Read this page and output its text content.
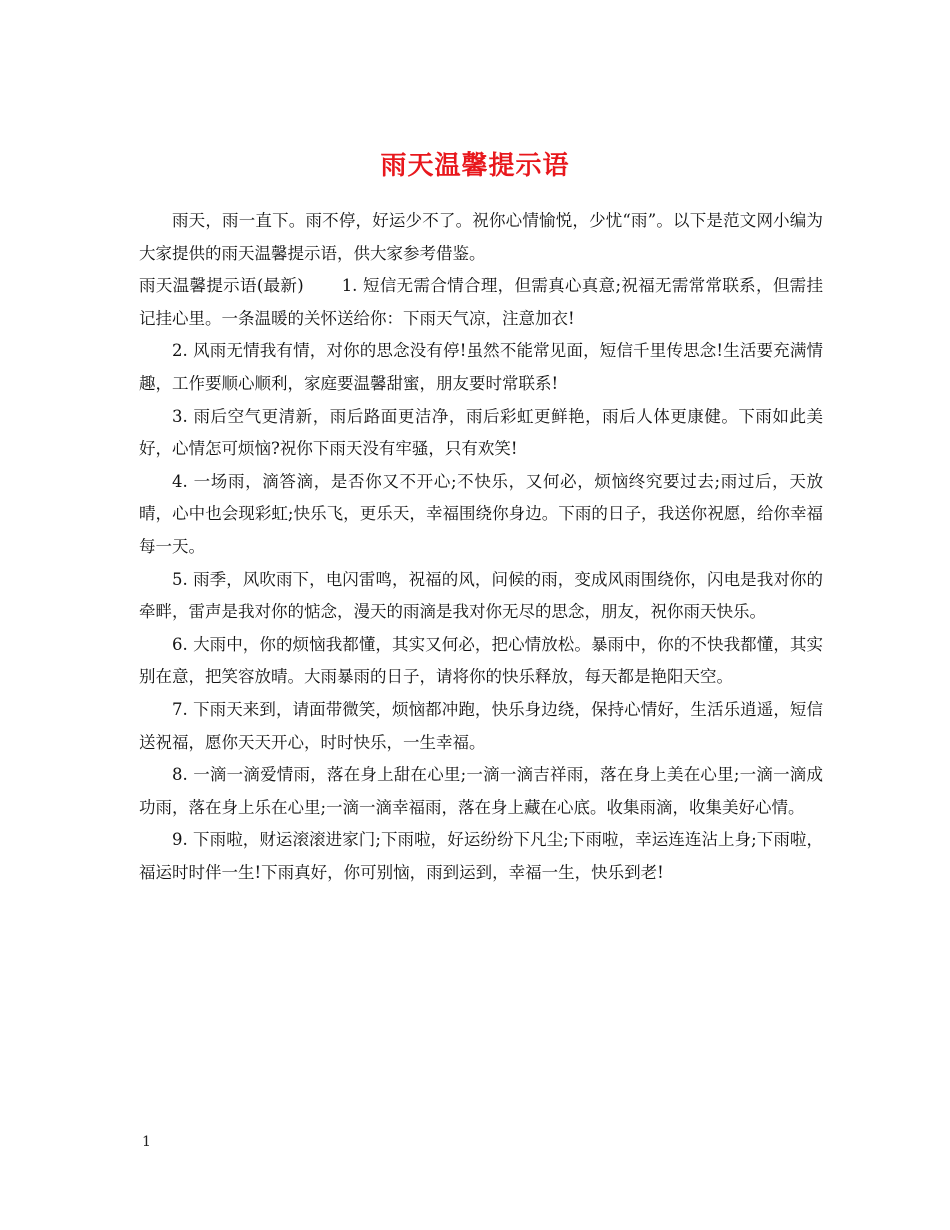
雨天温馨提示语

雨天，雨一直下。雨不停，好运少不了。祝你心情愉悦，少忧“雨”。以下是范文网小编为大家提供的雨天温馨提示语，供大家参考借鉴。

雨天温馨提示语(最新) 1. 短信无需合情合理，但需真心真意;祝福无需常常联系，但需挂记挂心里。一条温暖的关怀送给你：下雨天气凉，注意加衣!

2. 风雨无情我有情，对你的思念没有停!虽然不能常见面，短信千里传思念!生活要充满情趣，工作要顺心顺利，家庭要温馨甜蜜，朋友要时常联系!

3. 雨后空气更清新，雨后路面更洁净，雨后彩虹更鲜艳，雨后人体更康健。下雨如此美好，心情怎可烦恼?祝你下雨天没有牢骚，只有欢笑!

4. 一场雨，滴答滴，是否你又不开心;不快乐，又何必，烦恼终究要过去;雨过后，天放晴，心中也会现彩虹;快乐飞，更乐天，幸福围绕你身边。下雨的日子，我送你祝愿，给你幸福每一天。

5. 雨季，风吹雨下，电闪雷鸣，祝福的风，问候的雨，变成风雨围绕你，闪电是我对你的牵畔，雷声是我对你的惦念，漫天的雨滴是我对你无尽的思念，朋友，祝你雨天快乐。

6. 大雨中，你的烦恼我都懂，其实又何必，把心情放松。暴雨中，你的不快我都懂，其实别在意，把笑容放晴。大雨暴雨的日子，请将你的快乐释放，每天都是艳阳天空。

7. 下雨天来到，请面带微笑，烦恼都冲跑，快乐身边绕，保持心情好，生活乐逍遥，短信送祝福，愿你天天开心，时时快乐，一生幸福。

8. 一滴一滴爱情雨，落在身上甜在心里;一滴一滴吉祥雨，落在身上美在心里;一滴一滴成功雨，落在身上乐在心里;一滴一滴幸福雨，落在身上藏在心底。收集雨滴，收集美好心情。

9. 下雨啦，财运滚滚进家门;下雨啦，好运纷纷下凡尘;下雨啦，幸运连连沾上身;下雨啦，福运时时伴一生!下雨真好，你可别恼，雨到运到，幸福一生，快乐到老!

1
